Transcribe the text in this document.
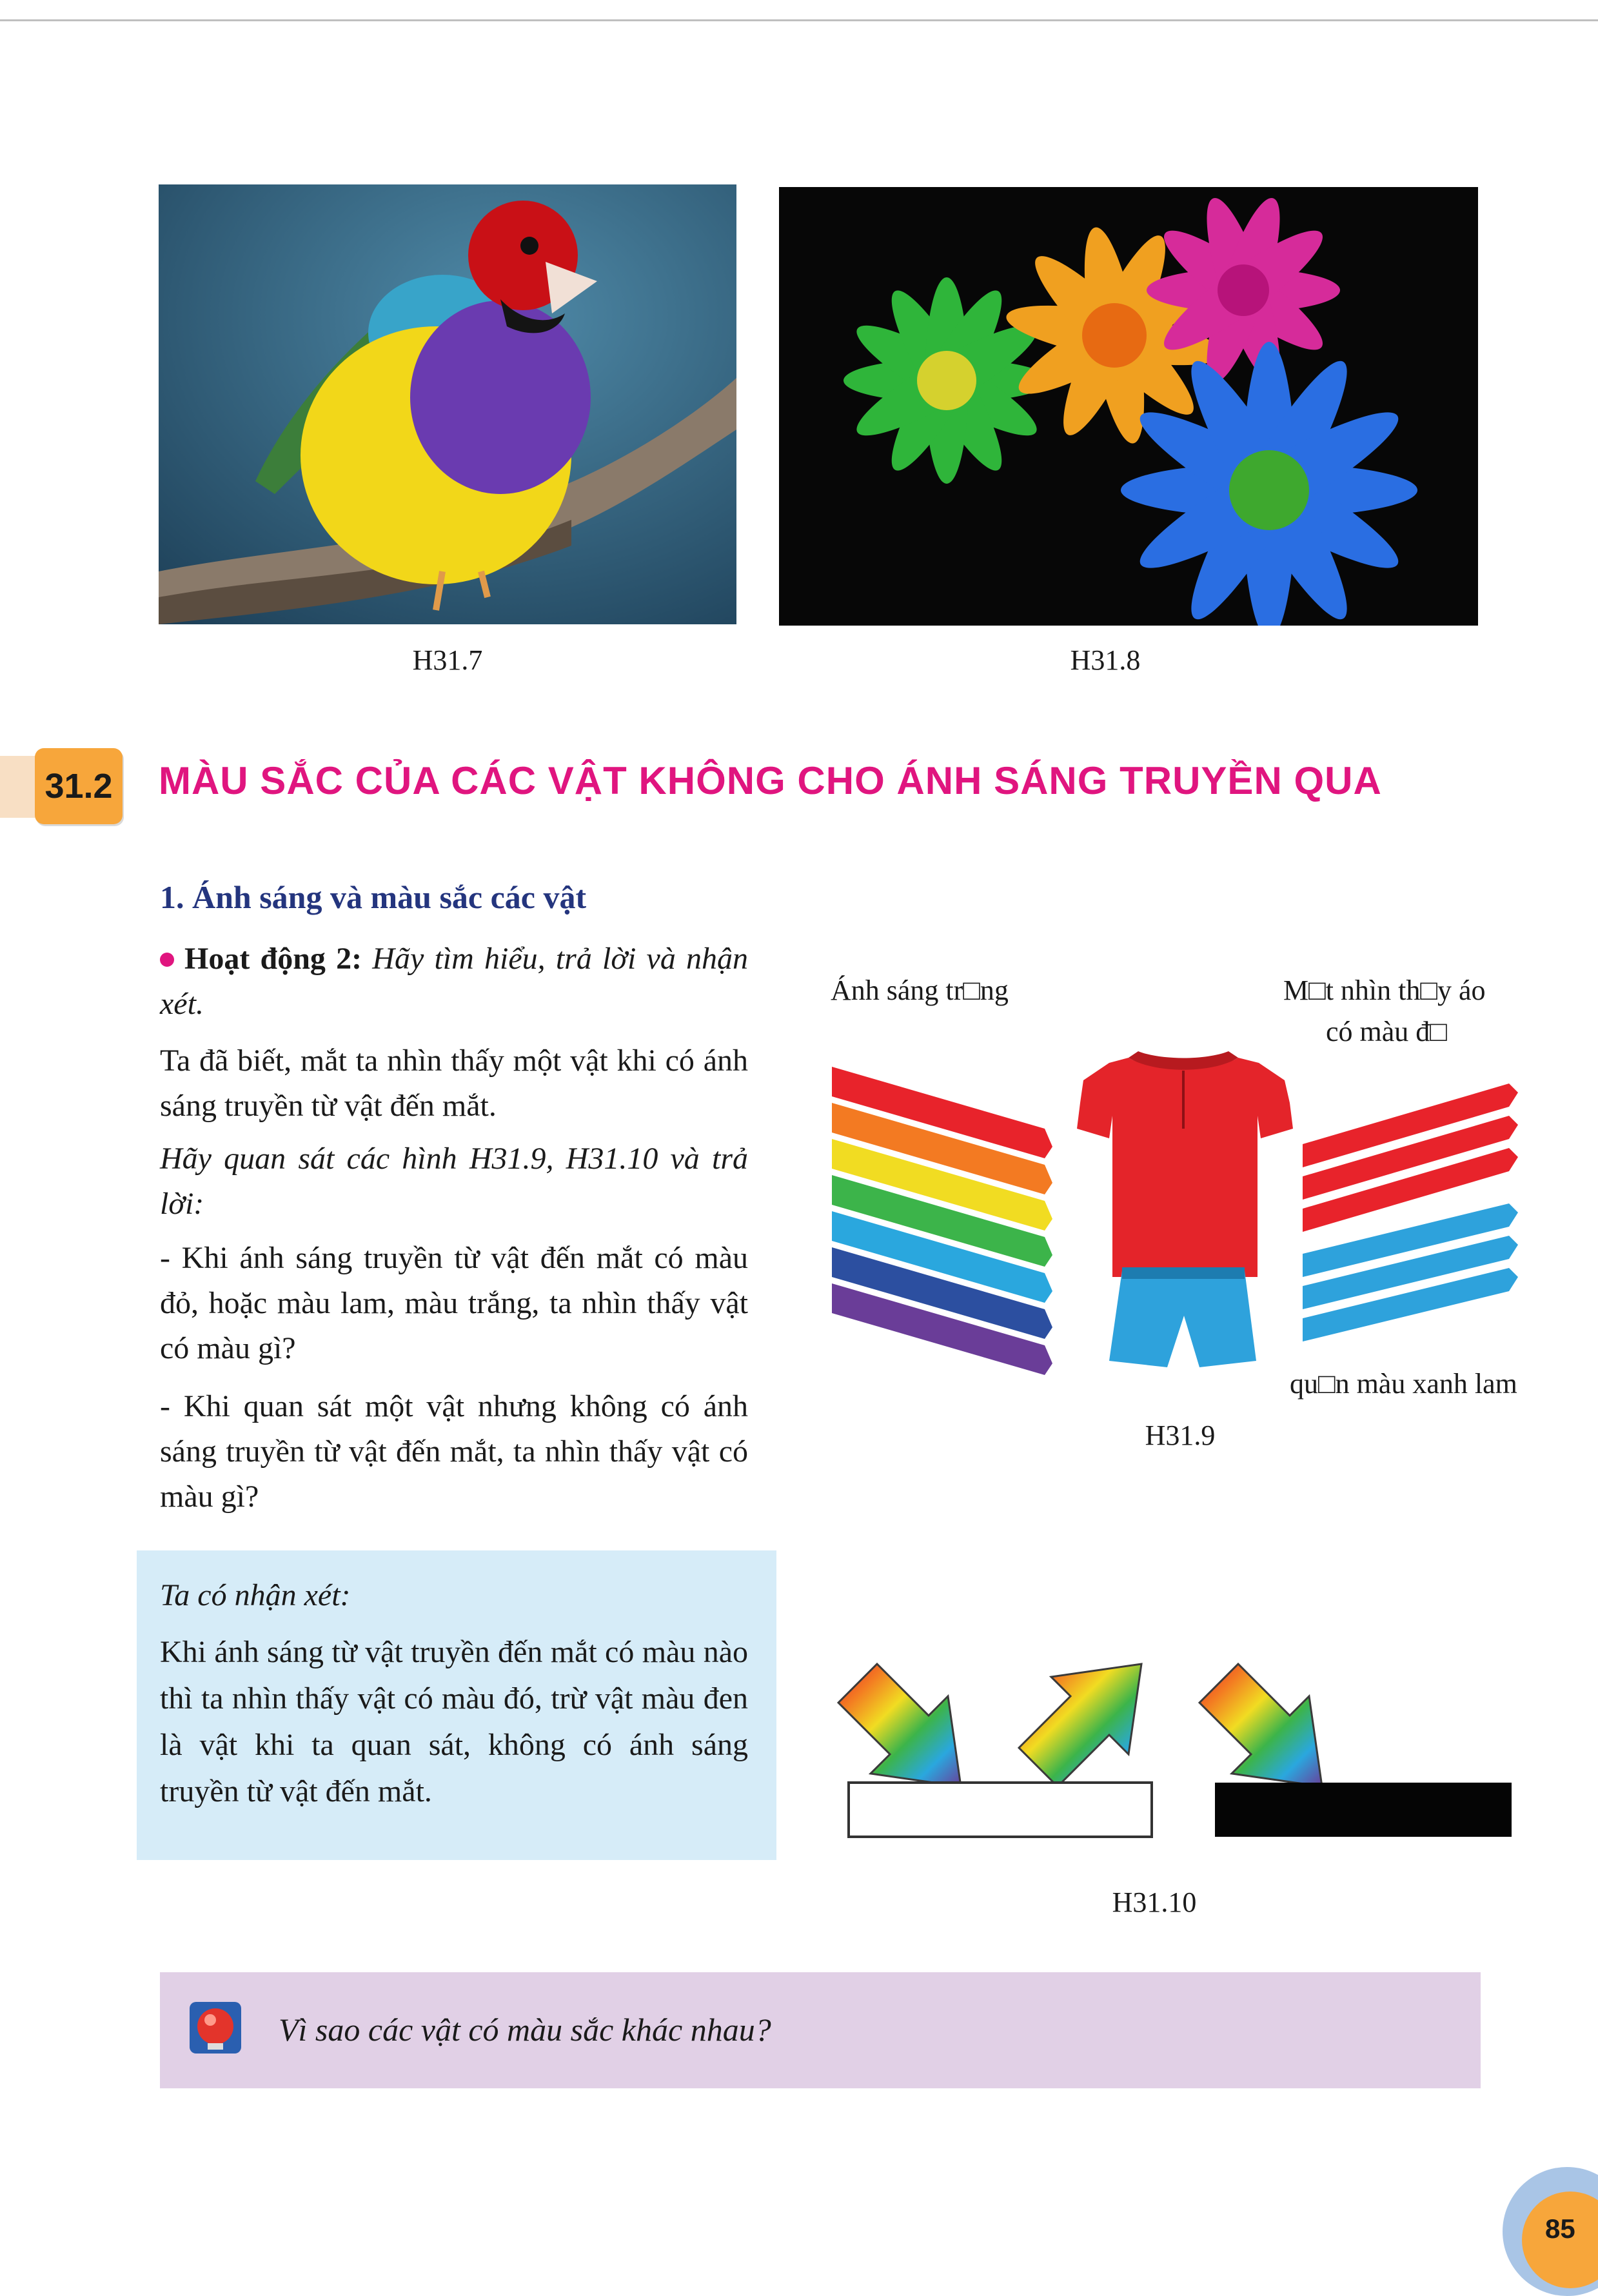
H31.7	H31.8
31.2 MÀU SẮC CỦA CÁC VẬT KHÔNG CHO ÁNH SÁNG TRUYỀN QUA
1. Ánh sáng và màu sắc các vật
Hoạt động 2: Hãy tìm hiểu, trả lời và nhận xét.
Ta đã biết, mắt ta nhìn thấy một vật khi có ánh sáng truyền từ vật đến mắt.
Hãy quan sát các hình H31.9, H31.10 và trả lời:
- Khi ánh sáng truyền từ vật đến mắt có màu đỏ, hoặc màu lam, màu trắng, ta nhìn thấy vật có màu gì?
- Khi quan sát một vật nhưng không có ánh sáng truyền từ vật đến mắt, ta nhìn thấy vật có màu gì?
Ta có nhận xét:
Khi ánh sáng từ vật truyền đến mắt có màu nào thì ta nhìn thấy vật có màu đó, trừ vật màu đen là vật khi ta quan sát, không có ánh sáng truyền từ vật đến mắt.
Ánh sáng tr□ng	M□t nhìn th□y áo
có màu đ□
qu□n màu xanh lam
H31.9
H31.10
Vì sao các vật có màu sắc khác nhau?
85
